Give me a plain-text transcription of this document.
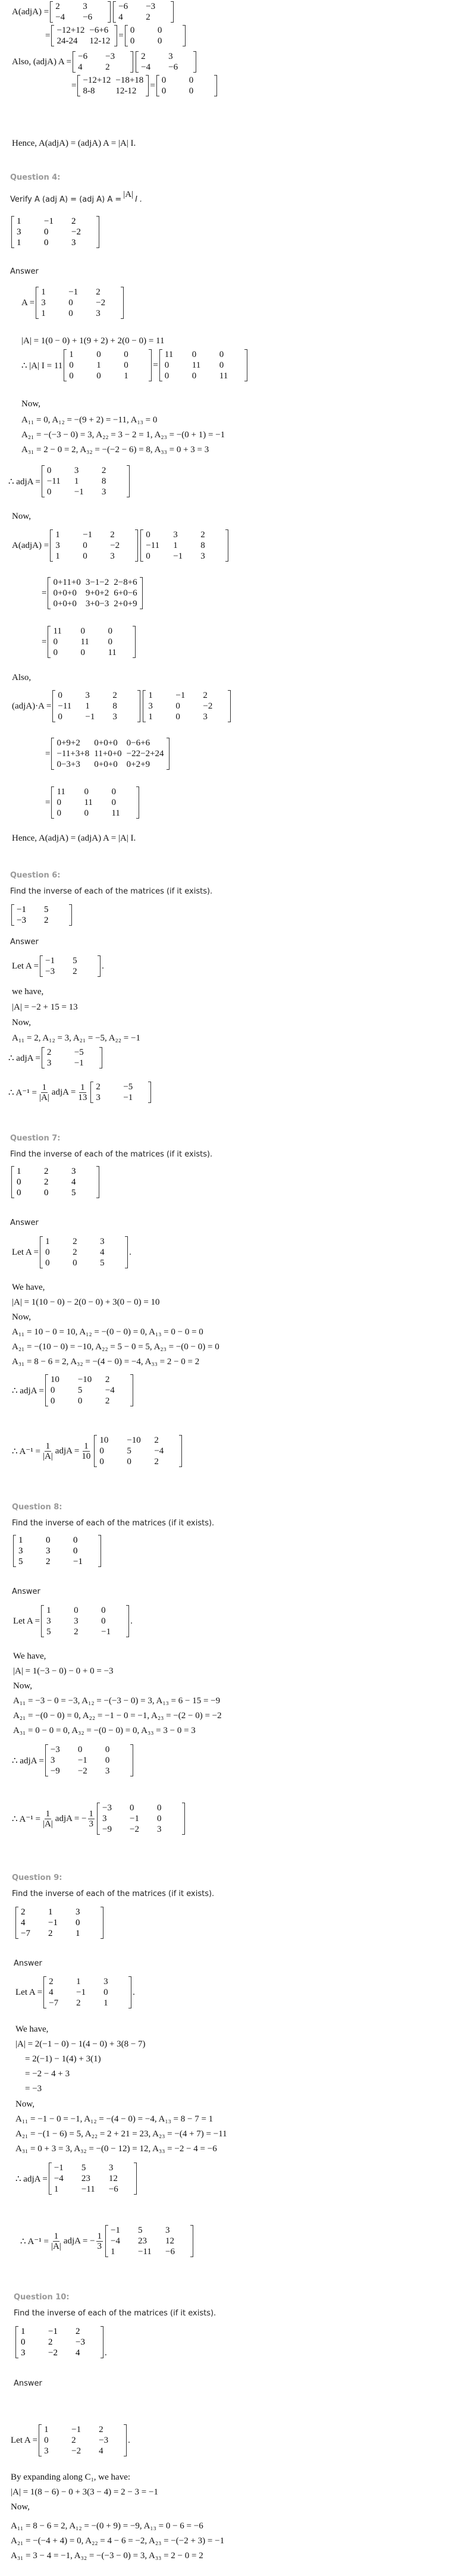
A(adjA) =
2	3
−4	−6
−6	−3
4	2
=
−12+12	−6+6
24-24	12-12
=
0	0
0	0
Also, (adjA) A =
−6	−3
4	2
2	3
−4	−6
=
−12+12	−18+18
8-8	12-12
=
0	0
0	0
Hence, A(adjA) = (adjA) A = |A| I.
Question 4:
Verify A (adj A) = (adj A) A =
|A|
I .
1	−1	2
3	0	−2
1	0	3
Answer
A =
1	−1	2
3	0	−2
1	0	3
|A| = 1(0 − 0) + 1(9 + 2) + 2(0 − 0) = 11
∴ |A| I = 11
1	0	0
0	1	0
0	0	1
=
11	0	0
0	11	0
0	0	11
Now,
A₁₁ = 0, A₁₂ = −(9 + 2) = −11, A₁₃ = 0
A₂₁ = −(−3 − 0) = 3, A₂₂ = 3 − 2 = 1, A₂₃ = −(0 + 1) = −1
A₃₁ = 2 − 0 = 2, A₃₂ = −(−2 − 6) = 8, A₃₃ = 0 + 3 = 3
∴ adjA =
0	3	2
−11	1	8
0	−1	3
Now,
A(adjA) =
1	−1	2
3	0	−2
1	0	3
0	3	2
−11	1	8
0	−1	3
=
0+11+0	3−1−2	2−8+6
0+0+0	9+0+2	6+0−6
0+0+0	3+0−3	2+0+9
=
11	0	0
0	11	0
0	0	11
Also,
(adjA)·A =
0	3	2
−11	1	8
0	−1	3
1	−1	2
3	0	−2
1	0	3
=
0+9+2	0+0+0	0−6+6
−11+3+8	11+0+0	−22−2+24
0−3+3	0+0+0	0+2+9
=
11	0	0
0	11	0
0	0	11
Hence, A(adjA) = (adjA) A = |A| I.
Question 6:
Find the inverse of each of the matrices (if it exists).
−1	5
−3	2
Answer
Let A =
−1	5
−3	2
.
we have,
|A| = −2 + 15 = 13
Now,
A₁₁ = 2, A₁₂ = 3, A₂₁ = −5, A₂₂ = −1
∴ adjA =
2	−5
3	−1
∴ $A^{-1} = \frac{1}{|A|}$ adjA = $\frac{1}{13} 2$	−5
3	−1
Question 7:
Find the inverse of each of the matrices (if it exists).
1	2	3
0	2	4
0	0	5
Answer
Let A =
1	2	3
0	2	4
0	0	5
.
We have,
|A| = 1(10 − 0) − 2(0 − 0) + 3(0 − 0) = 10
Now,
A₁₁ = 10 − 0 = 10, A₁₂ = −(0 − 0) = 0, A₁₃ = 0 − 0 = 0
A₂₁ = −(10 − 0) = −10, A₂₂ = 5 − 0 = 5, A₂₃ = −(0 − 0) = 0
A₃₁ = 8 − 6 = 2, A₃₂ = −(4 − 0) = −4, A₃₃ = 2 − 0 = 2
∴ adjA =
10	−10	2
0	5	−4
0	0	2
∴ $A^{-1} = \frac{1}{|A|}$ adjA = $\frac{1}{10}$
10	−10	2
0	5	−4
0	0	2
Question 8:
Find the inverse of each of the matrices (if it exists).
1	0	0
3	3	0
5	2	−1
Answer
Let A =
1	0	0
3	3	0
5	2	−1
.
We have,
|A| = 1(−3 − 0) − 0 + 0 = −3
Now,
A₁₁ = −3 − 0 = −3, A₁₂ = −(−3 − 0) = 3, A₁₃ = 6 − 15 = −9
A₂₁ = −(0 − 0) = 0, A₂₂ = −1 − 0 = −1, A₂₃ = −(2 − 0) = −2
A₃₁ = 0 − 0 = 0, A₃₂ = −(0 − 0) = 0, A₃₃ = 3 − 0 = 3
∴ adjA =
−3	0	0
3	−1	0
−9	−2	3
∴ $A^{-1} = \frac{1}{|A|}$ adjA = − $\frac{1}{3}$
−3	0	0
3	−1	0
−9	−2	3
Question 9:
Find the inverse of each of the matrices (if it exists).
2	1	3
4	−1	0
−7	2	1
Answer
Let A =
2	1	3
4	−1	0
−7	2	1
.
We have,
|A| = 2(−1 − 0) − 1(4 − 0) + 3(8 − 7)
= 2(−1) − 1(4) + 3(1)
= −2 − 4 + 3
= −3
Now,
A₁₁ = −1 − 0 = −1, A₁₂ = −(4 − 0) = −4, A₁₃ = 8 − 7 = 1
A₂₁ = −(1 − 6) = 5, A₂₂ = 2 + 21 = 23, A₂₃ = −(4 + 7) = −11
A₃₁ = 0 + 3 = 3, A₃₂ = −(0 − 12) = 12, A₃₃ = −2 − 4 = −6
∴ adjA =
−1	5	3
−4	23	12
1	−11	−6
∴ $A^{-1} = \frac{1}{|A|}$ adjA = − $\frac{1}{3}$
−1	5	3
−4	23	12
1	−11	−6
Question 10:
Find the inverse of each of the matrices (if it exists).
1	−1	2
0	2	−3
3	−2	4	.
Answer
Let A =
1	−1	2
0	2	−3
3	−2	4
.
By expanding along C₁, we have:
|A| = 1(8 − 6) − 0 + 3(3 − 4) = 2 − 3 = −1
Now,
A₁₁ = 8 − 6 = 2, A₁₂ = −(0 + 9) = −9, A₁₃ = 0 − 6 = −6
A₂₁ = −(−4 + 4) = 0, A₂₂ = 4 − 6 = −2, A₂₃ = −(−2 + 3) = −1
A₃₁ = 3 − 4 = −1, A₃₂ = −(−3 − 0) = 3, A₃₃ = 2 − 0 = 2
